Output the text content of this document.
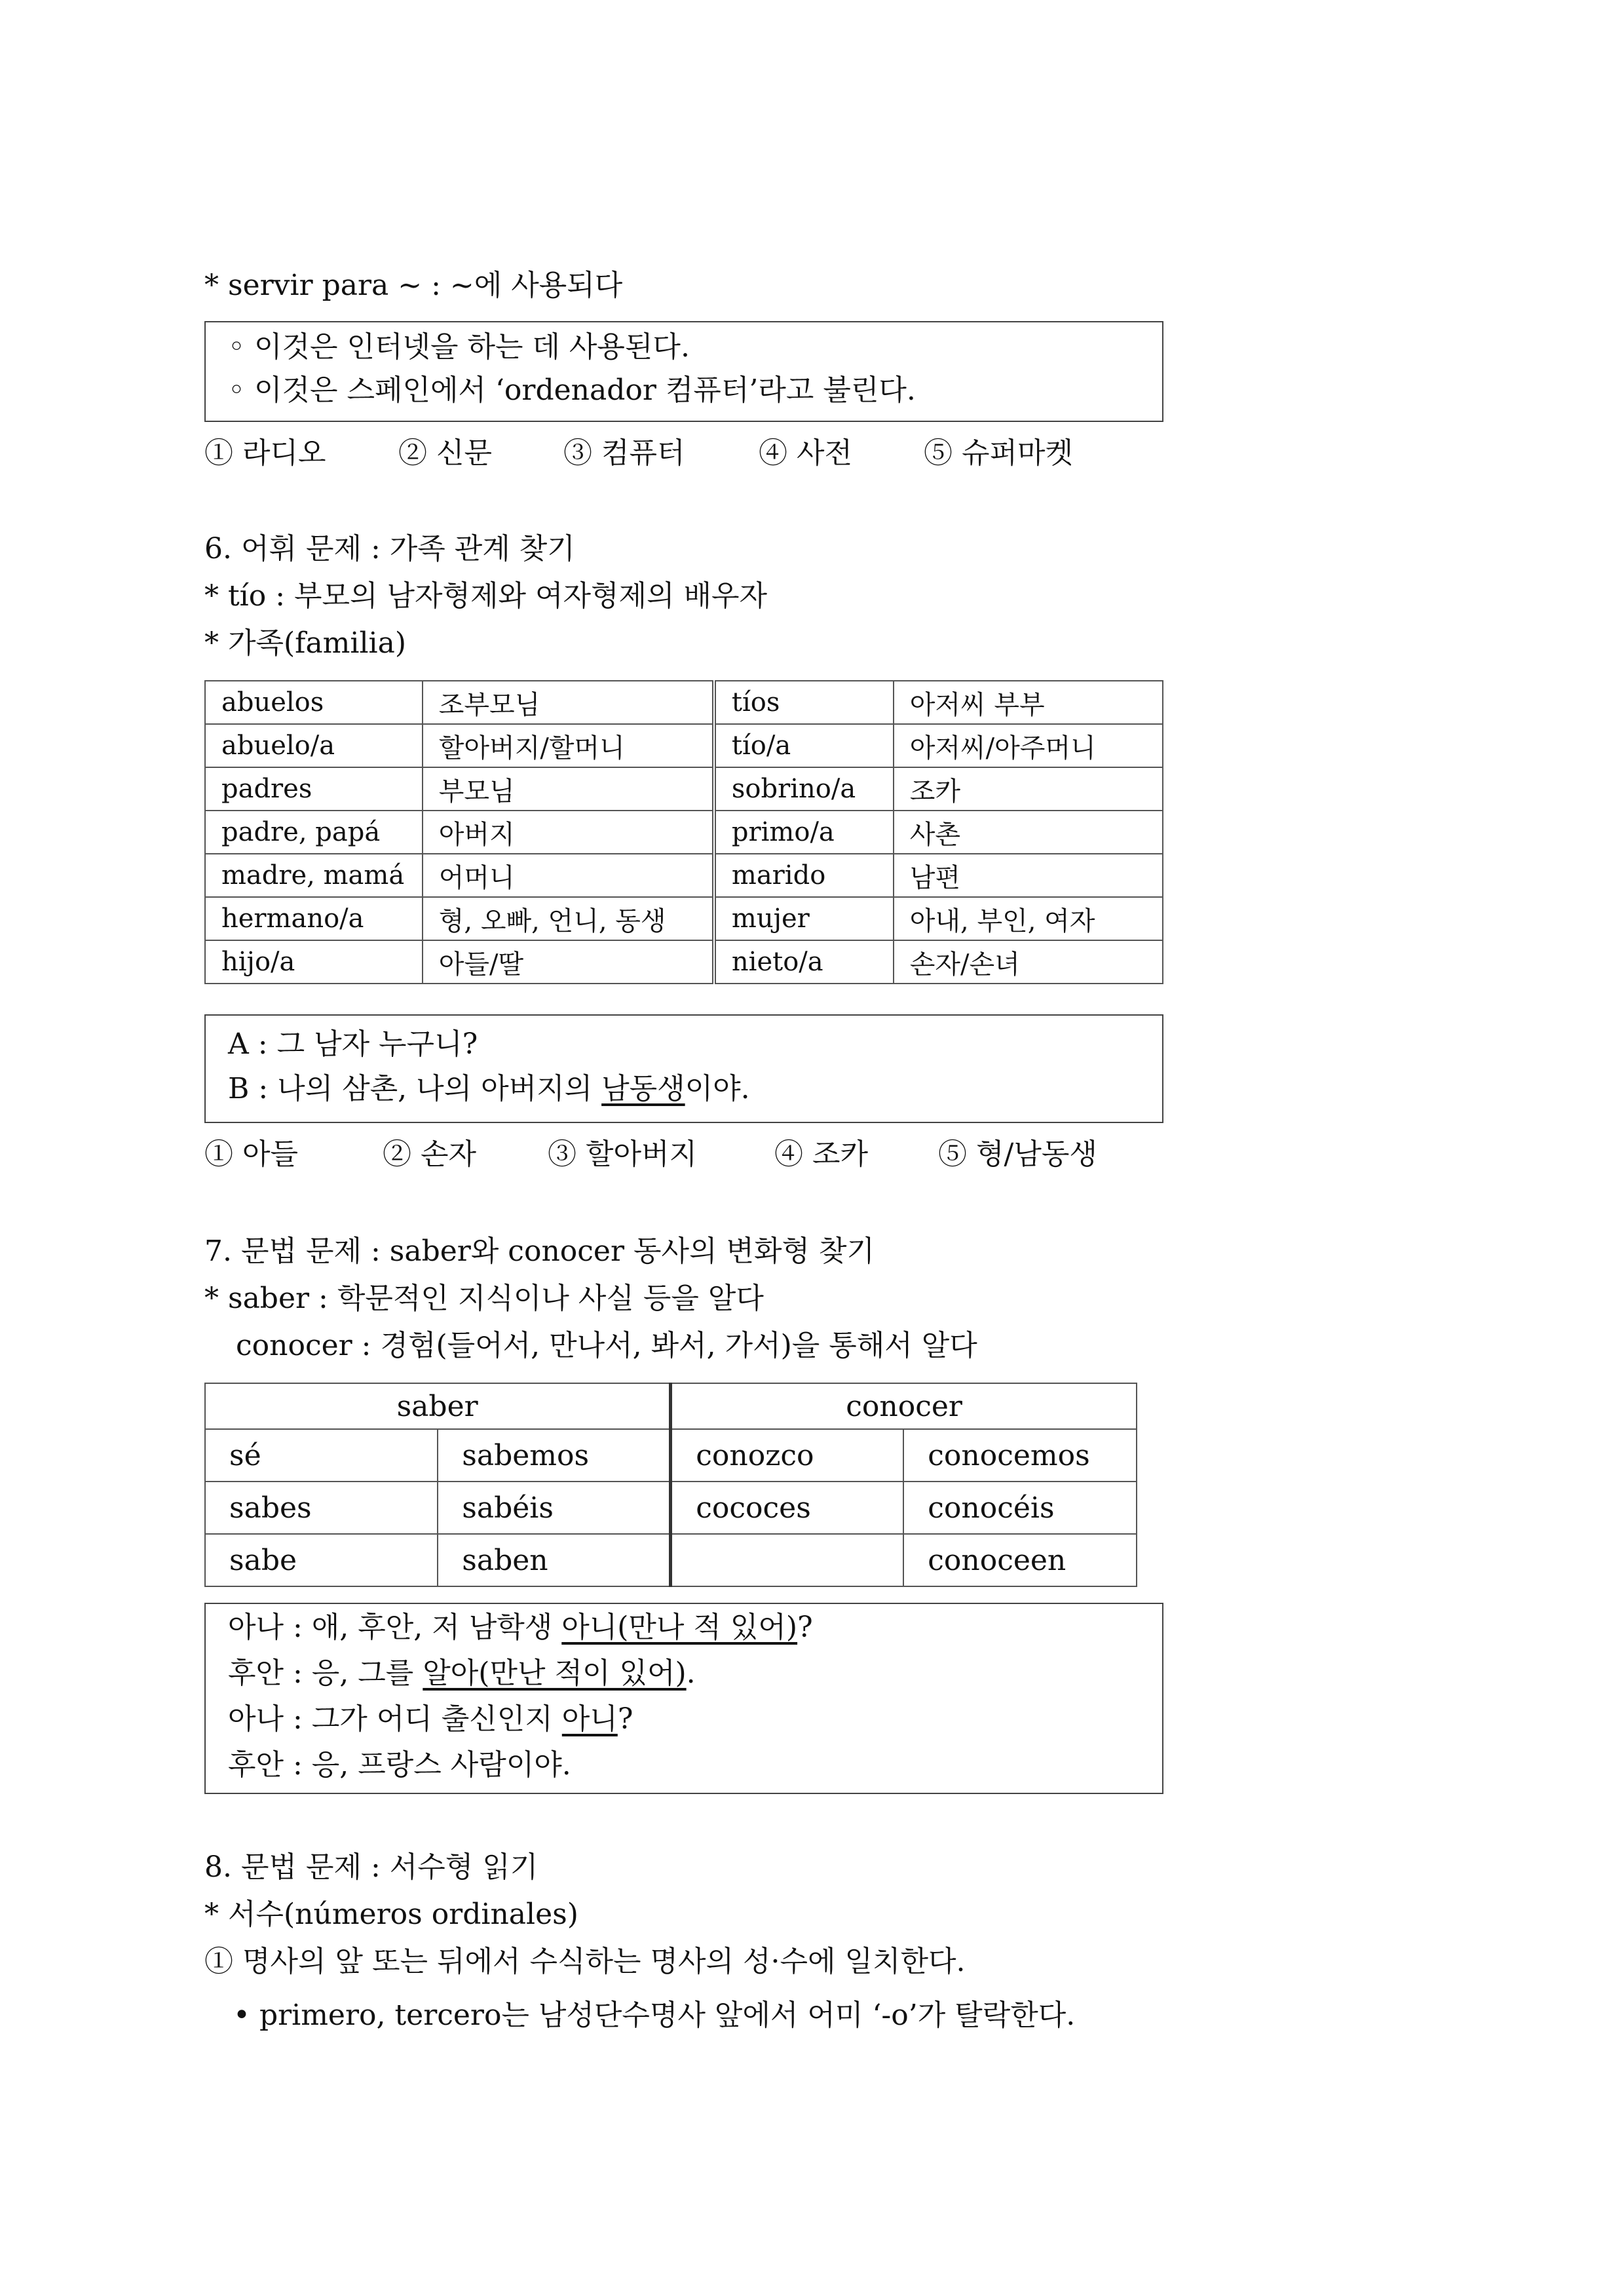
* servir para ~ : ~에 사용되다
◦ 이것은 인터넷을 하는 데 사용된다.
◦ 이것은 스페인에서 ‘ordenador 컴퓨터’라고 불린다.
① 라디오	② 신문 ③ 컴퓨터	④ 사전 ⑤ 슈퍼마켓
6. 어휘 문제 : 가족 관계 찾기
* tío : 부모의 남자형제와 여자형제의 배우자
* 가족(familia)
abuelos	조부모님	tíos	아저씨 부부
abuelo/a	할아버지/할머니	tío/a	아저씨/아주머니
padres	부모님	sobrino/a	조카
padre, papá	아버지	primo/a	사촌
madre, mamá	어머니	marido	남편
hermano/a	형, 오빠, 언니, 동생	mujer	아내, 부인, 여자
hijo/a	아들/딸	nieto/a	손자/손녀
A : 그 남자 누구니?
B : 나의 삼촌, 나의 아버지의 남동생이야.
① 아들	② 손자 ③ 할아버지	④ 조카 ⑤ 형/남동생
7. 문법 문제 : saber와 conocer 동사의 변화형 찾기
* saber : 학문적인 지식이나 사실 등을 알다
conocer : 경험(들어서, 만나서, 봐서, 가서)을 통해서 알다
saber		conocer	
sé	sabemos	conozco	conocemos
sabes	sabéis	cococes	conocéis
sabe	saben		conoceen
아나 : 애, 후안, 저 남학생 아니(만나 적 있어)?
후안 : 응, 그를 알아(만난 적이 있어).
아나 : 그가 어디 출신인지 아니?
후안 : 응, 프랑스 사람이야.
8. 문법 문제 : 서수형 읽기
* 서수(números ordinales)
① 명사의 앞 또는 뒤에서 수식하는 명사의 성·수에 일치한다.
• primero, tercero는 남성단수명사 앞에서 어미 ‘-o’가 탈락한다.
